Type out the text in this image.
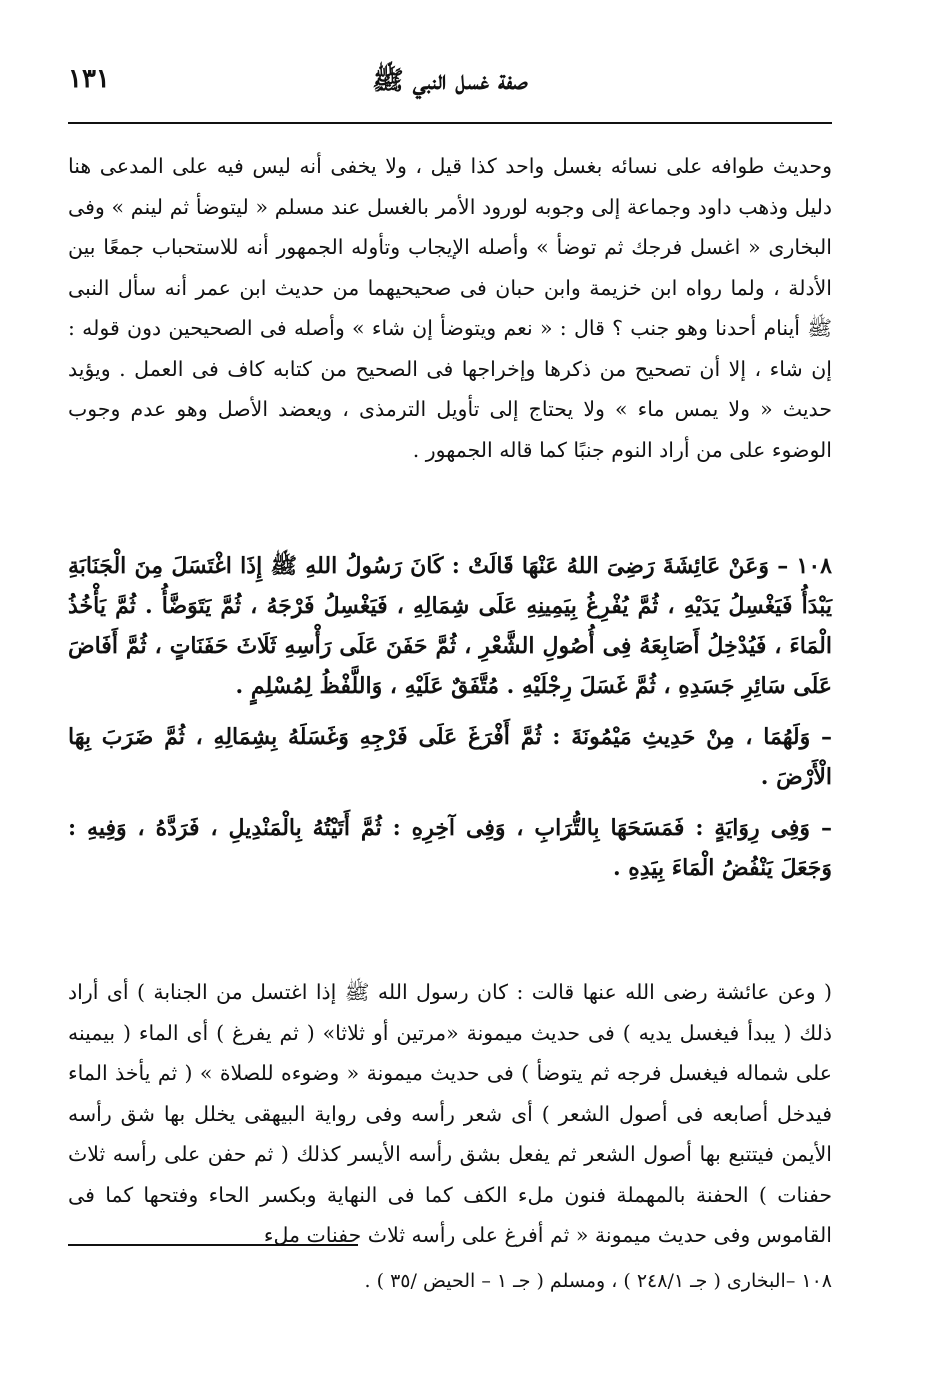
١٣١	صفة غسل النبي ﷺ

وحديث طوافه على نسائه بغسل واحد كذا قيل ، ولا يخفى أنه ليس فيه على المدعى هنا دليل وذهب داود وجماعة إلى وجوبه لورود الأمر بالغسل عند مسلم « ليتوضأ ثم لينم » وفى البخارى « اغسل فرجك ثم توضأ » وأصله الإيجاب وتأوله الجمهور أنه للاستحباب جمعًا بين الأدلة ، ولما رواه ابن خزيمة وابن حبان فى صحيحيهما من حديث ابن عمر أنه سأل النبى ﷺ أينام أحدنا وهو جنب ؟ قال : « نعم ويتوضأ إن شاء » وأصله فى الصحيحين دون قوله : إن شاء ، إلا أن تصحيح من ذكرها وإخراجها فى الصحيح من كتابه كاف فى العمل . ويؤيد حديث « ولا يمس ماء » ولا يحتاج إلى تأويل الترمذى ، ويعضد الأصل وهو عدم وجوب الوضوء على من أراد النوم جنبًا كما قاله الجمهور .

١٠٨ – وَعَنْ عَائِشَةَ رَضِىَ اللهُ عَنْهَا قَالَتْ : كَانَ رَسُولُ اللهِ ﷺ إِذَا اغْتَسَلَ مِنَ الْجَنَابَةِ يَبْدَأُ فَيَغْسِلُ يَدَيْهِ ، ثُمَّ يُفْرِغُ بِيَمِينِهِ عَلَى شِمَالِهِ ، فَيَغْسِلُ فَرْجَهُ ، ثُمَّ يَتَوَضَّأُ . ثُمَّ يَأْخُذُ الْمَاءَ ، فَيُدْخِلُ أَصَابِعَهُ فِى أُصُولِ الشَّعْرِ ، ثُمَّ حَفَنَ عَلَى رَأْسِهِ ثَلَاثَ حَفَنَاتٍ ، ثُمَّ أَفَاضَ عَلَى سَائِرِ جَسَدِهِ ، ثُمَّ غَسَلَ رِجْلَيْهِ . مُتَّفَقٌ عَلَيْهِ ، وَاللَّفْظُ لِمُسْلِمٍ .

– وَلَهُمَا ، مِنْ حَدِيثِ مَيْمُونَةَ : ثُمَّ أَفْرَغَ عَلَى فَرْجِهِ وَغَسَلَهُ بِشِمَالِهِ ، ثُمَّ ضَرَبَ بِهَا الْأَرْضَ .

– وَفِى رِوَايَةٍ : فَمَسَحَهَا بِالتُّرَابِ ، وَفِى آخِرِهِ : ثُمَّ أَتَيْتُهُ بِالْمَنْدِيلِ ، فَرَدَّهُ ، وَفِيهِ : وَجَعَلَ يَنْفُضُ الْمَاءَ بِيَدِهِ .

( وعن عائشة رضى الله عنها قالت : كان رسول الله ﷺ إذا اغتسل من الجنابة ) أى أراد ذلك ( يبدأ فيغسل يديه ) فى حديث ميمونة «مرتين أو ثلاثا» ( ثم يفرغ ) أى الماء ( بيمينه على شماله فيغسل فرجه ثم يتوضأ ) فى حديث ميمونة « وضوءه للصلاة » ( ثم يأخذ الماء فيدخل أصابعه فى أصول الشعر ) أى شعر رأسه وفى رواية البيهقى يخلل بها شق رأسه الأيمن فيتتبع بها أصول الشعر ثم يفعل بشق رأسه الأيسر كذلك ( ثم حفن على رأسه ثلاث حفنات ) الحفنة بالمهملة فنون ملء الكف كما فى النهاية وبكسر الحاء وفتحها كما فى القاموس وفى حديث ميمونة « ثم أفرغ على رأسه ثلاث حفنات ملء

١٠٨ –البخارى ( جـ ٢٤٨/١ ) ، ومسلم ( جـ ١ – الحيض /٣٥ ) .
